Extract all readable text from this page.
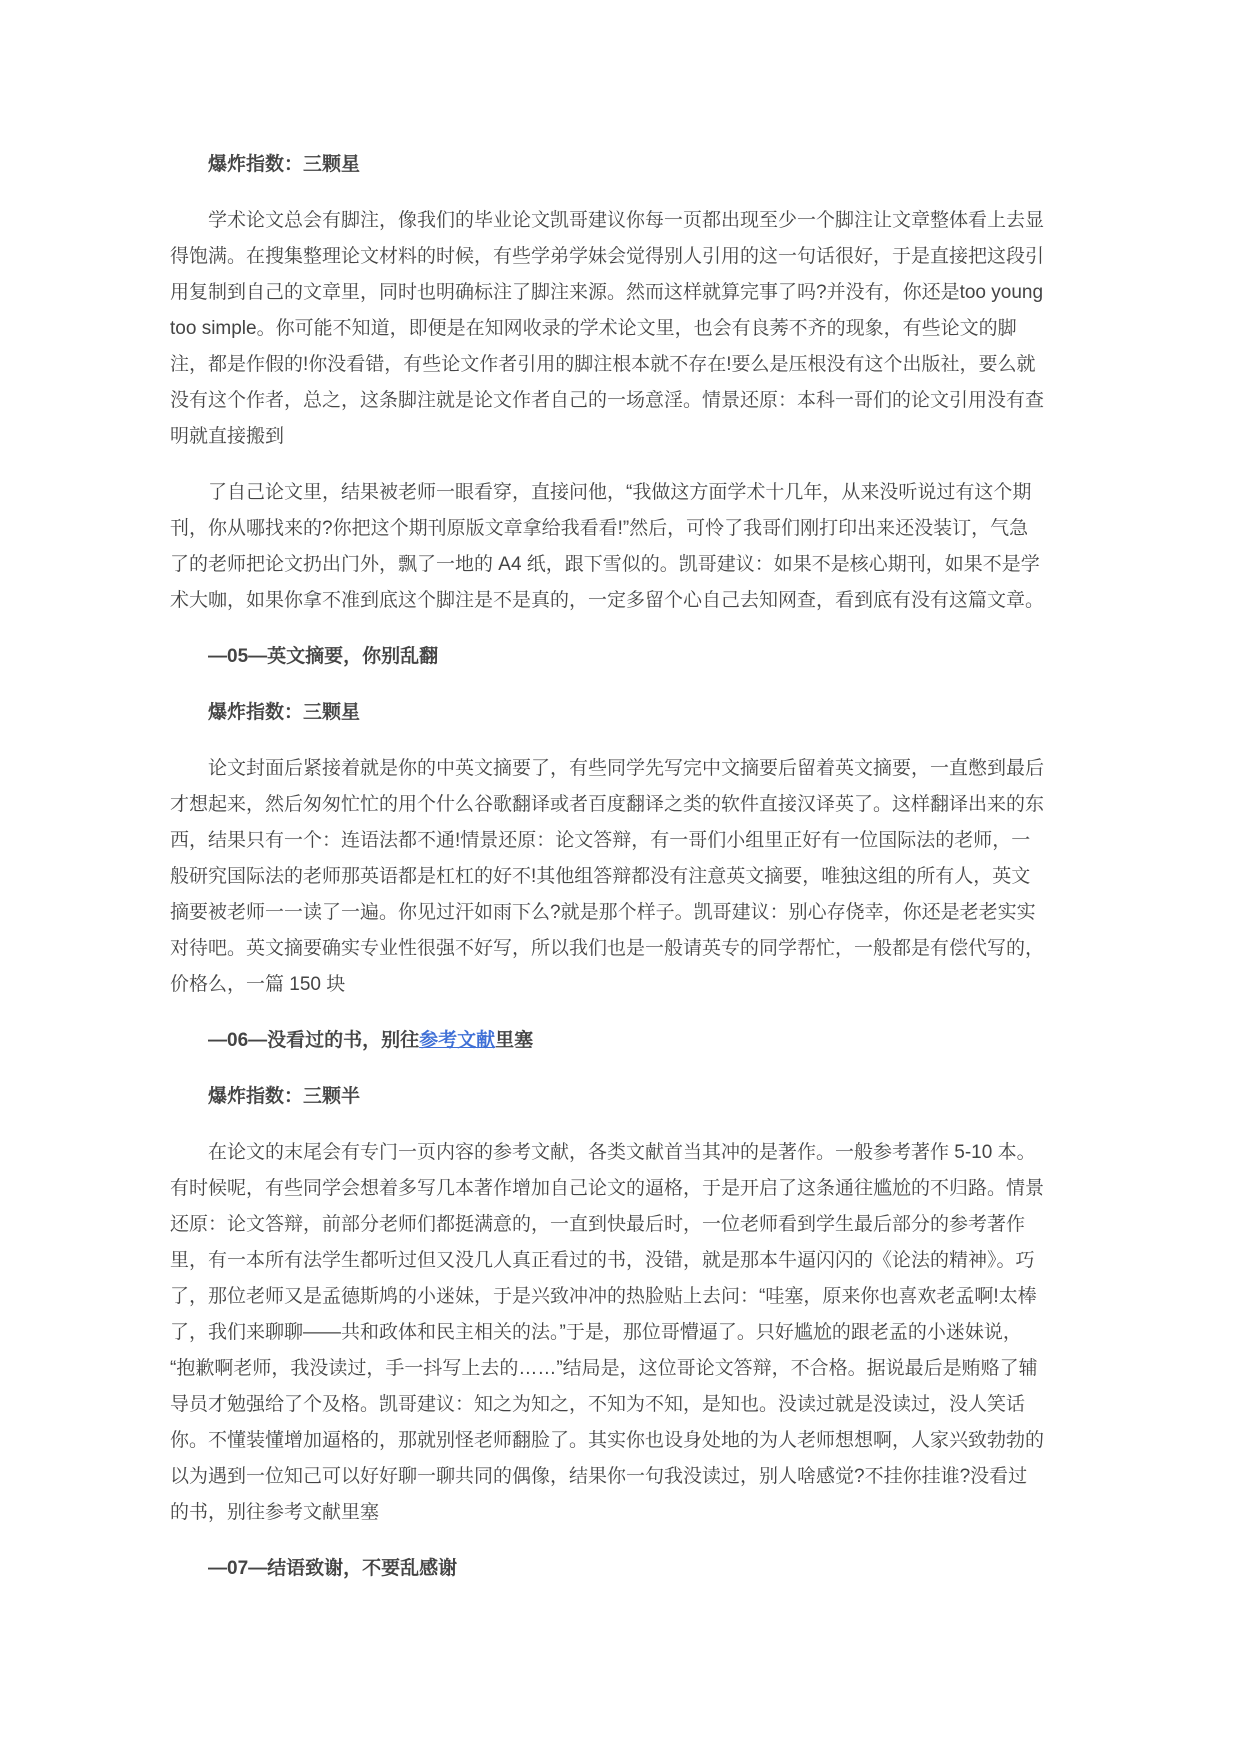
爆炸指数：三颗星

学术论文总会有脚注，像我们的毕业论文凯哥建议你每一页都出现至少一个脚注让文章整体看上去显得饱满。在搜集整理论文材料的时候，有些学弟学妹会觉得别人引用的这一句话很好，于是直接把这段引用复制到自己的文章里，同时也明确标注了脚注来源。然而这样就算完事了吗?并没有，你还是too young too simple。你可能不知道，即便是在知网收录的学术论文里，也会有良莠不齐的现象，有些论文的脚注，都是作假的!你没看错，有些论文作者引用的脚注根本就不存在!要么是压根没有这个出版社，要么就没有这个作者，总之，这条脚注就是论文作者自己的一场意淫。情景还原：本科一哥们的论文引用没有查明就直接搬到

了自己论文里，结果被老师一眼看穿，直接问他，“我做这方面学术十几年，从来没听说过有这个期刊，你从哪找来的?你把这个期刊原版文章拿给我看看!”然后，可怜了我哥们刚打印出来还没装订，气急了的老师把论文扔出门外，飘了一地的 A4 纸，跟下雪似的。凯哥建议：如果不是核心期刊，如果不是学术大咖，如果你拿不准到底这个脚注是不是真的，一定多留个心自己去知网查，看到底有没有这篇文章。

—05—英文摘要，你别乱翻

爆炸指数：三颗星

论文封面后紧接着就是你的中英文摘要了，有些同学先写完中文摘要后留着英文摘要，一直憋到最后才想起来，然后匆匆忙忙的用个什么谷歌翻译或者百度翻译之类的软件直接汉译英了。这样翻译出来的东西，结果只有一个：连语法都不通!情景还原：论文答辩，有一哥们小组里正好有一位国际法的老师，一般研究国际法的老师那英语都是杠杠的好不!其他组答辩都没有注意英文摘要，唯独这组的所有人，英文摘要被老师一一读了一遍。你见过汗如雨下么?就是那个样子。凯哥建议：别心存侥幸，你还是老老实实对待吧。英文摘要确实专业性很强不好写，所以我们也是一般请英专的同学帮忙，一般都是有偿代写的，价格么，一篇 150 块

—06—没看过的书，别往参考文献里塞

爆炸指数：三颗半

在论文的末尾会有专门一页内容的参考文献，各类文献首当其冲的是著作。一般参考著作 5-10 本。有时候呢，有些同学会想着多写几本著作增加自己论文的逼格，于是开启了这条通往尴尬的不归路。情景还原：论文答辩，前部分老师们都挺满意的，一直到快最后时，一位老师看到学生最后部分的参考著作里，有一本所有法学生都听过但又没几人真正看过的书，没错，就是那本牛逼闪闪的《论法的精神》。巧了，那位老师又是孟德斯鸠的小迷妹，于是兴致冲冲的热脸贴上去问：“哇塞，原来你也喜欢老孟啊!太棒了，我们来聊聊——共和政体和民主相关的法。”于是，那位哥懵逼了。只好尴尬的跟老孟的小迷妹说，“抱歉啊老师，我没读过，手一抖写上去的……”结局是，这位哥论文答辩，不合格。据说最后是贿赂了辅导员才勉强给了个及格。凯哥建议：知之为知之，不知为不知，是知也。没读过就是没读过，没人笑话你。不懂装懂增加逼格的，那就别怪老师翻脸了。其实你也设身处地的为人老师想想啊，人家兴致勃勃的以为遇到一位知己可以好好聊一聊共同的偶像，结果你一句我没读过，别人啥感觉?不挂你挂谁?没看过的书，别往参考文献里塞

—07—结语致谢，不要乱感谢
